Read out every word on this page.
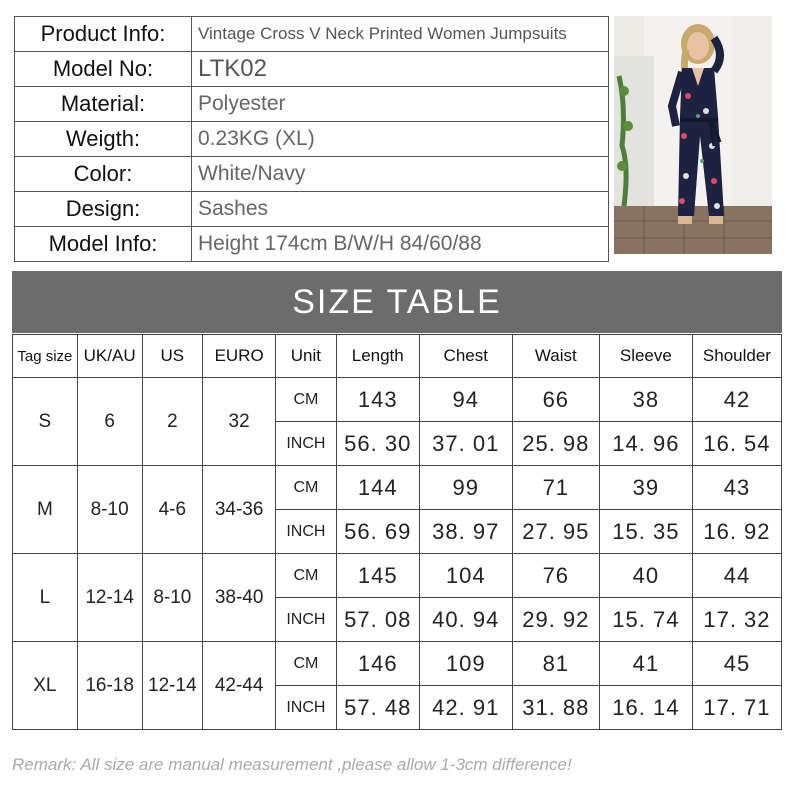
Product Info:	Vintage Cross V Neck Printed Women Jumpsuits
Model No:	LTK02
Material:	Polyester
Weigth:	0.23KG (XL)
Color:	White/Navy
Design:	Sashes
Model Info:	Height 174cm B/W/H 84/60/88
SIZE TABLE
Tag size	UK/AU	US	EURO	Unit	Length	Chest	Waist	Sleeve	Shoulder
S	6	2	32	CM	143	94	66	38	42
				INCH	56. 30	37. 01	25. 98	14. 96	16. 54
M	8-10	4-6	34-36	CM	144	99	71	39	43
				INCH	56. 69	38. 97	27. 95	15. 35	16. 92
L	12-14	8-10	38-40	CM	145	104	76	40	44
				INCH	57. 08	40. 94	29. 92	15. 74	17. 32
XL	16-18	12-14	42-44	CM	146	109	81	41	45
				INCH	57. 48	42. 91	31. 88	16. 14	17. 71
Remark: All size are manual measurement ,please allow 1-3cm difference!
